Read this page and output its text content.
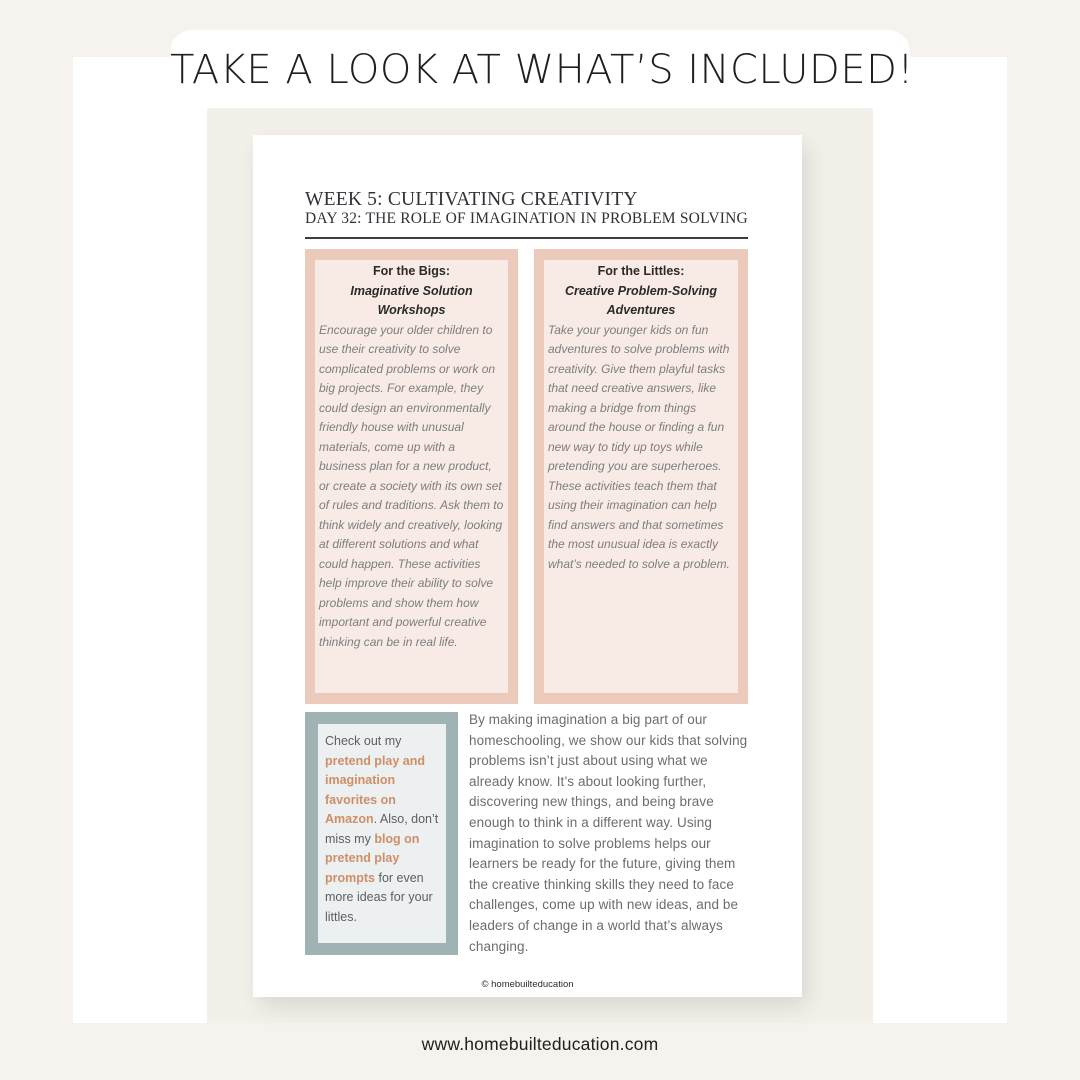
TAKE A LOOK AT WHAT’S INCLUDED!
WEEK 5: CULTIVATING CREATIVITY
DAY 32: THE ROLE OF IMAGINATION IN PROBLEM SOLVING
For the Bigs:
Imaginative Solution Workshops
Encourage your older children to use their creativity to solve complicated problems or work on big projects. For example, they could design an environmentally friendly house with unusual materials, come up with a business plan for a new product, or create a society with its own set of rules and traditions. Ask them to think widely and creatively, looking at different solutions and what could happen. These activities help improve their ability to solve problems and show them how important and powerful creative thinking can be in real life.
For the Littles:
Creative Problem-Solving Adventures
Take your younger kids on fun adventures to solve problems with creativity. Give them playful tasks that need creative answers, like making a bridge from things around the house or finding a fun new way to tidy up toys while pretending you are superheroes. These activities teach them that using their imagination can help find answers and that sometimes the most unusual idea is exactly what’s needed to solve a problem.
Check out my pretend play and imagination favorites on Amazon. Also, don’t miss my blog on pretend play prompts for even more ideas for your littles.
By making imagination a big part of our homeschooling, we show our kids that solving problems isn’t just about using what we already know. It’s about looking further, discovering new things, and being brave enough to think in a different way. Using imagination to solve problems helps our learners be ready for the future, giving them the creative thinking skills they need to face challenges, come up with new ideas, and be leaders of change in a world that’s always changing.
© homebuilteducation
www.homebuilteducation.com
